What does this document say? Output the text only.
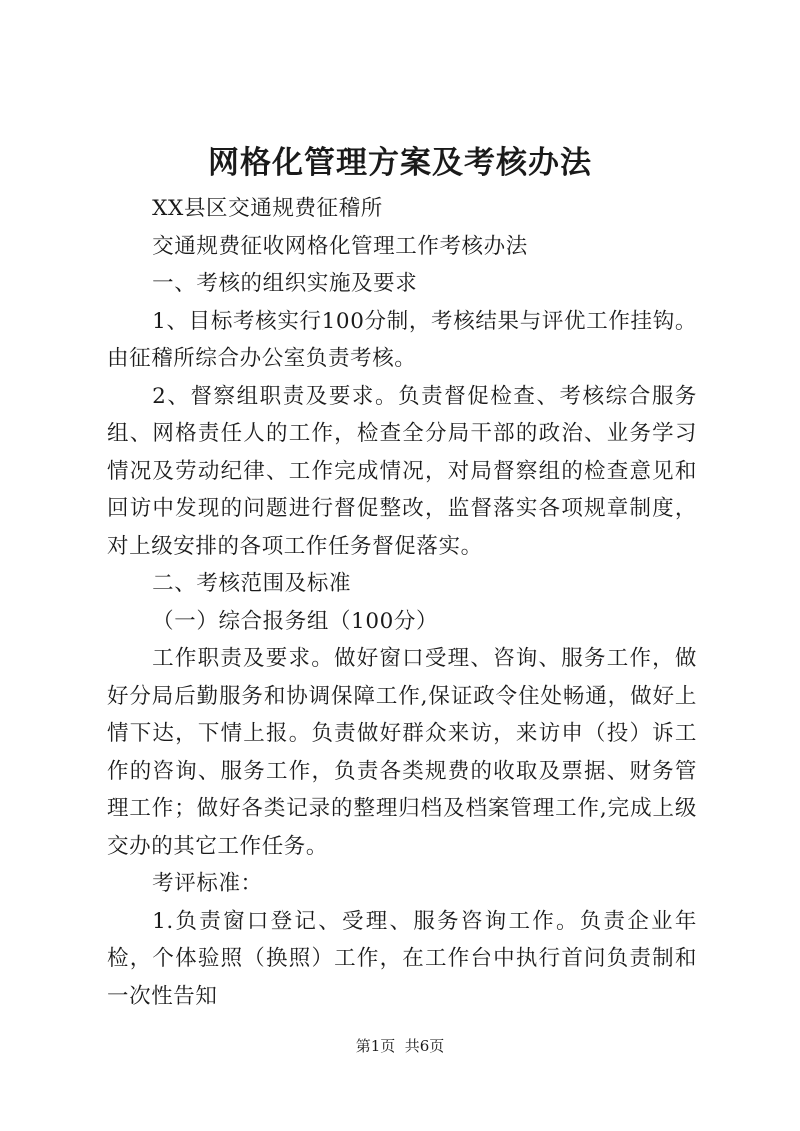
网格化管理方案及考核办法

XX县区交通规费征稽所

交通规费征收网格化管理工作考核办法

一、考核的组织实施及要求

1、目标考核实行100分制，考核结果与评优工作挂钩。由征稽所综合办公室负责考核。

2、督察组职责及要求。负责督促检查、考核综合服务组、网格责任人的工作，检查全分局干部的政治、业务学习情况及劳动纪律、工作完成情况，对局督察组的检查意见和回访中发现的问题进行督促整改，监督落实各项规章制度，对上级安排的各项工作任务督促落实。

二、考核范围及标准

（一）综合报务组（100分）

工作职责及要求。做好窗口受理、咨询、服务工作，做好分局后勤服务和协调保障工作,保证政令住处畅通，做好上情下达，下情上报。负责做好群众来访，来访申（投）诉工作的咨询、服务工作，负责各类规费的收取及票据、财务管理工作；做好各类记录的整理归档及档案管理工作,完成上级交办的其它工作任务。

考评标准：

1.负责窗口登记、受理、服务咨询工作。负责企业年检，个体验照（换照）工作，在工作台中执行首问负责制和一次性告知

第1页  共6页
